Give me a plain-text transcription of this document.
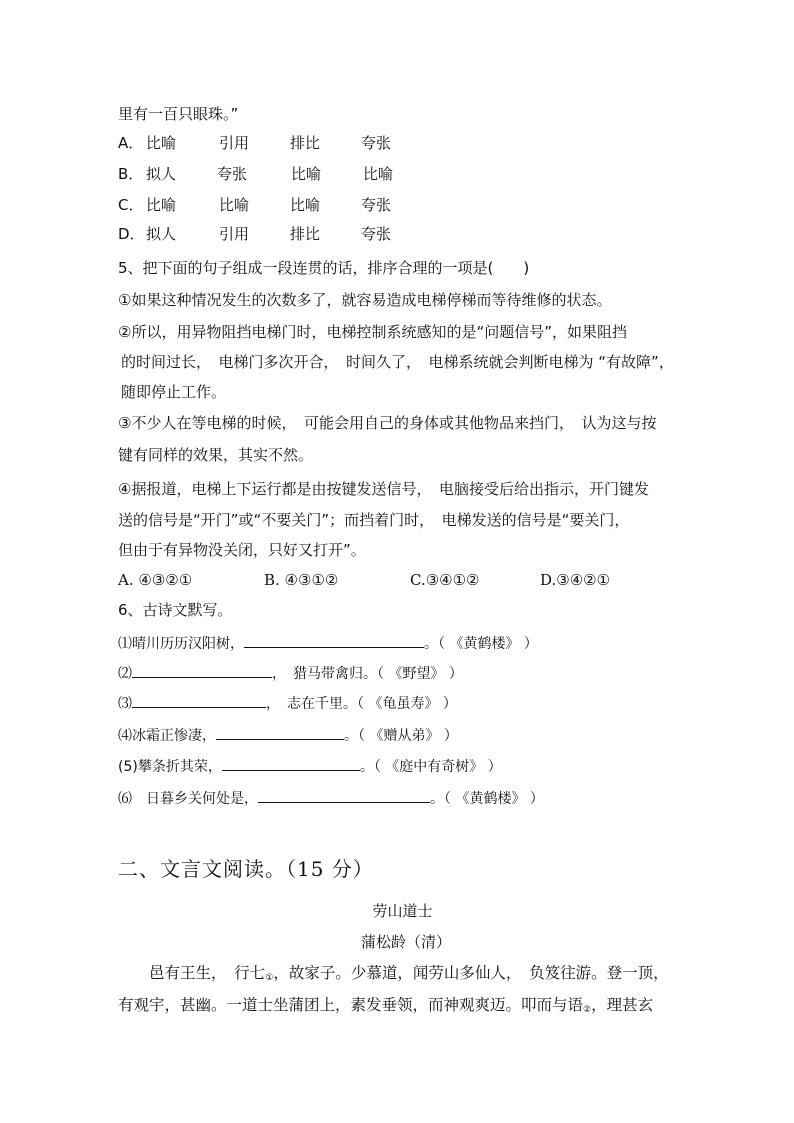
里有一百只眼珠。”
A． 比喻	引用	排比	夸张
B． 拟人	夸张	比喻	比喻
C． 比喻	比喻	比喻	夸张
D．拟人	引用	排比	夸张
5、把下面的句子组成一段连贯的话，排序合理的一项是(　　)
①如果这种情况发生的次数多了，就容易造成电梯停梯而等待维修的状态。
②所以，用异物阻挡电梯门时，电梯控制系统感知的是“问题信号”，如果阻挡
的时间过长，　电梯门多次开合，　时间久了，　电梯系统就会判断电梯为 “有故障”，
随即停止工作。
③不少人在等电梯的时候，　可能会用自己的身体或其他物品来挡门，　认为这与按
键有同样的效果，其实不然。
④据报道，电梯上下运行都是由按键发送信号，　电脑接受后给出指示，开门键发
送的信号是“开门”或“不要关门”；而挡着门时，　电梯发送的信号是“要关门，
但由于有异物没关闭，只好又打开”。
A. ④③②①	B. ④③①②	C.③④①②	D.③④②①
6、古诗文默写。
⑴晴川历历汉阳树，	。（ 《黄鹤楼》 ）
⑵	，　猎马带禽归。（ 《野望》 ）
⑶	，　志在千里。（ 《龟虽寿》 ）
⑷冰霜正惨凄，	。（ 《赠从弟》 ）
(5)攀条折其荣，	。（ 《庭中有奇树》 ）
⑹　日暮乡关何处是，	。（ 《黄鹤楼》 ）
二、文言文阅读。（15 分）
劳山道士
蒲松龄（清）
　　邑有王生，　行七$_①$，故家子。少慕道，闻劳山多仙人，　负笈往游。登一顶，
有观宇，甚幽。一道士坐蒲团上，素发垂领，而神观爽迈。叩而与语$_②$，理甚玄
